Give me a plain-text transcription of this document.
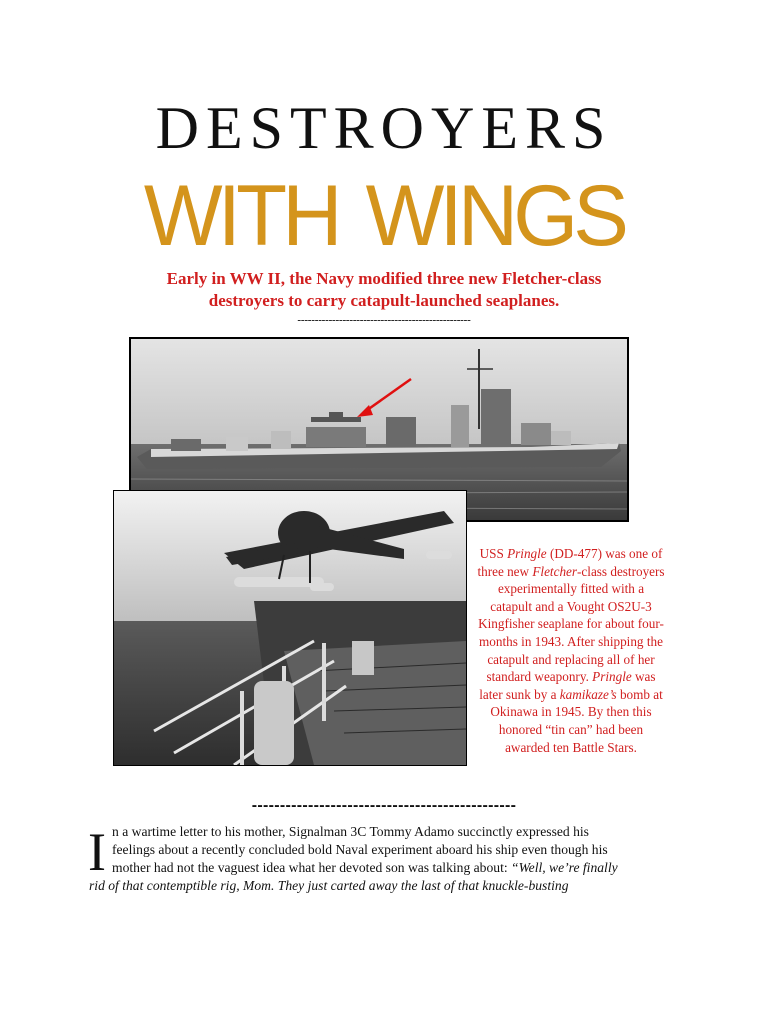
DESTROYERS
WITH WINGS

Early in WW II, the Navy modified three new Fletcher-class
destroyers to carry catapult-launched seaplanes.

--------------------------------------------------

USS Pringle (DD-477) was one of three new Fletcher-class destroyers experimentally fitted with a catapult and a Vought OS2U-3 Kingfisher seaplane for about four-months in 1943. After shipping the catapult and replacing all of her standard weaponry. Pringle was later sunk by a kamikaze’s bomb at Okinawa in 1945. By then this honored “tin can” had been awarded ten Battle Stars.

-----------------------------------------------
I n a wartime letter to his mother, Signalman 3C Tommy Adamo succinctly expressed his
feelings about a recently concluded bold Naval experiment aboard his ship even though his
mother had not the vaguest idea what her devoted son was talking about: “Well, we’re finally
rid of that contemptible rig, Mom. They just carted away the last of that knuckle-busting
